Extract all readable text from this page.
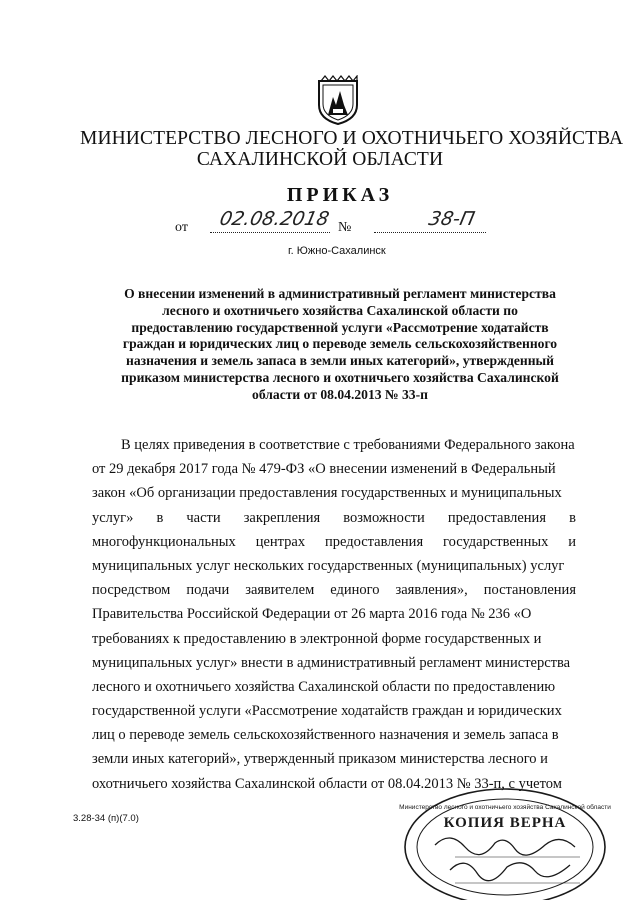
МИНИСТЕРСТВО ЛЕСНОГО И ОХОТНИЧЬЕГО ХОЗЯЙСТВА
САХАЛИНСКОЙ ОБЛАСТИ
ПРИКАЗ
от 02.08.2018 №	38-П
г. Южно-Сахалинск
О внесении изменений в административный регламент министерства
лесного и охотничьего хозяйства Сахалинской области по
предоставлению государственной услуги «Рассмотрение ходатайств
граждан и юридических лиц о переводе земель сельскохозяйственного
назначения и земель запаса в земли иных категорий», утвержденный
приказом министерства лесного и охотничьего хозяйства Сахалинской
области от 08.04.2013 № 33-п
В целях приведения в соответствие с требованиями Федерального закона
от 29 декабря 2017 года № 479-ФЗ «О внесении изменений в Федеральный
закон «Об организации предоставления государственных и муниципальных
услуг» в части закрепления возможности предоставления в
многофункциональных центрах предоставления государственных и
муниципальных услуг нескольких государственных (муниципальных) услуг
посредством подачи заявителем единого заявления», постановления
Правительства Российской Федерации от 26 марта 2016 года № 236 «О
требованиях к предоставлению в электронной форме государственных и
муниципальных услуг» внести в административный регламент министерства
лесного и охотничьего хозяйства Сахалинской области по предоставлению
государственной услуги «Рассмотрение ходатайств граждан и юридических
лиц о переводе земель сельскохозяйственного назначения и земель запаса в
земли иных категорий», утвержденный приказом министерства лесного и
охотничьего хозяйства Сахалинской области от 08.04.2013 № 33-п, с учетом
3.28-34 (п)(7.0)	КОПИЯ ВЕРНА
Министерство лесного и охотничьего хозяйства Сахалинской области
